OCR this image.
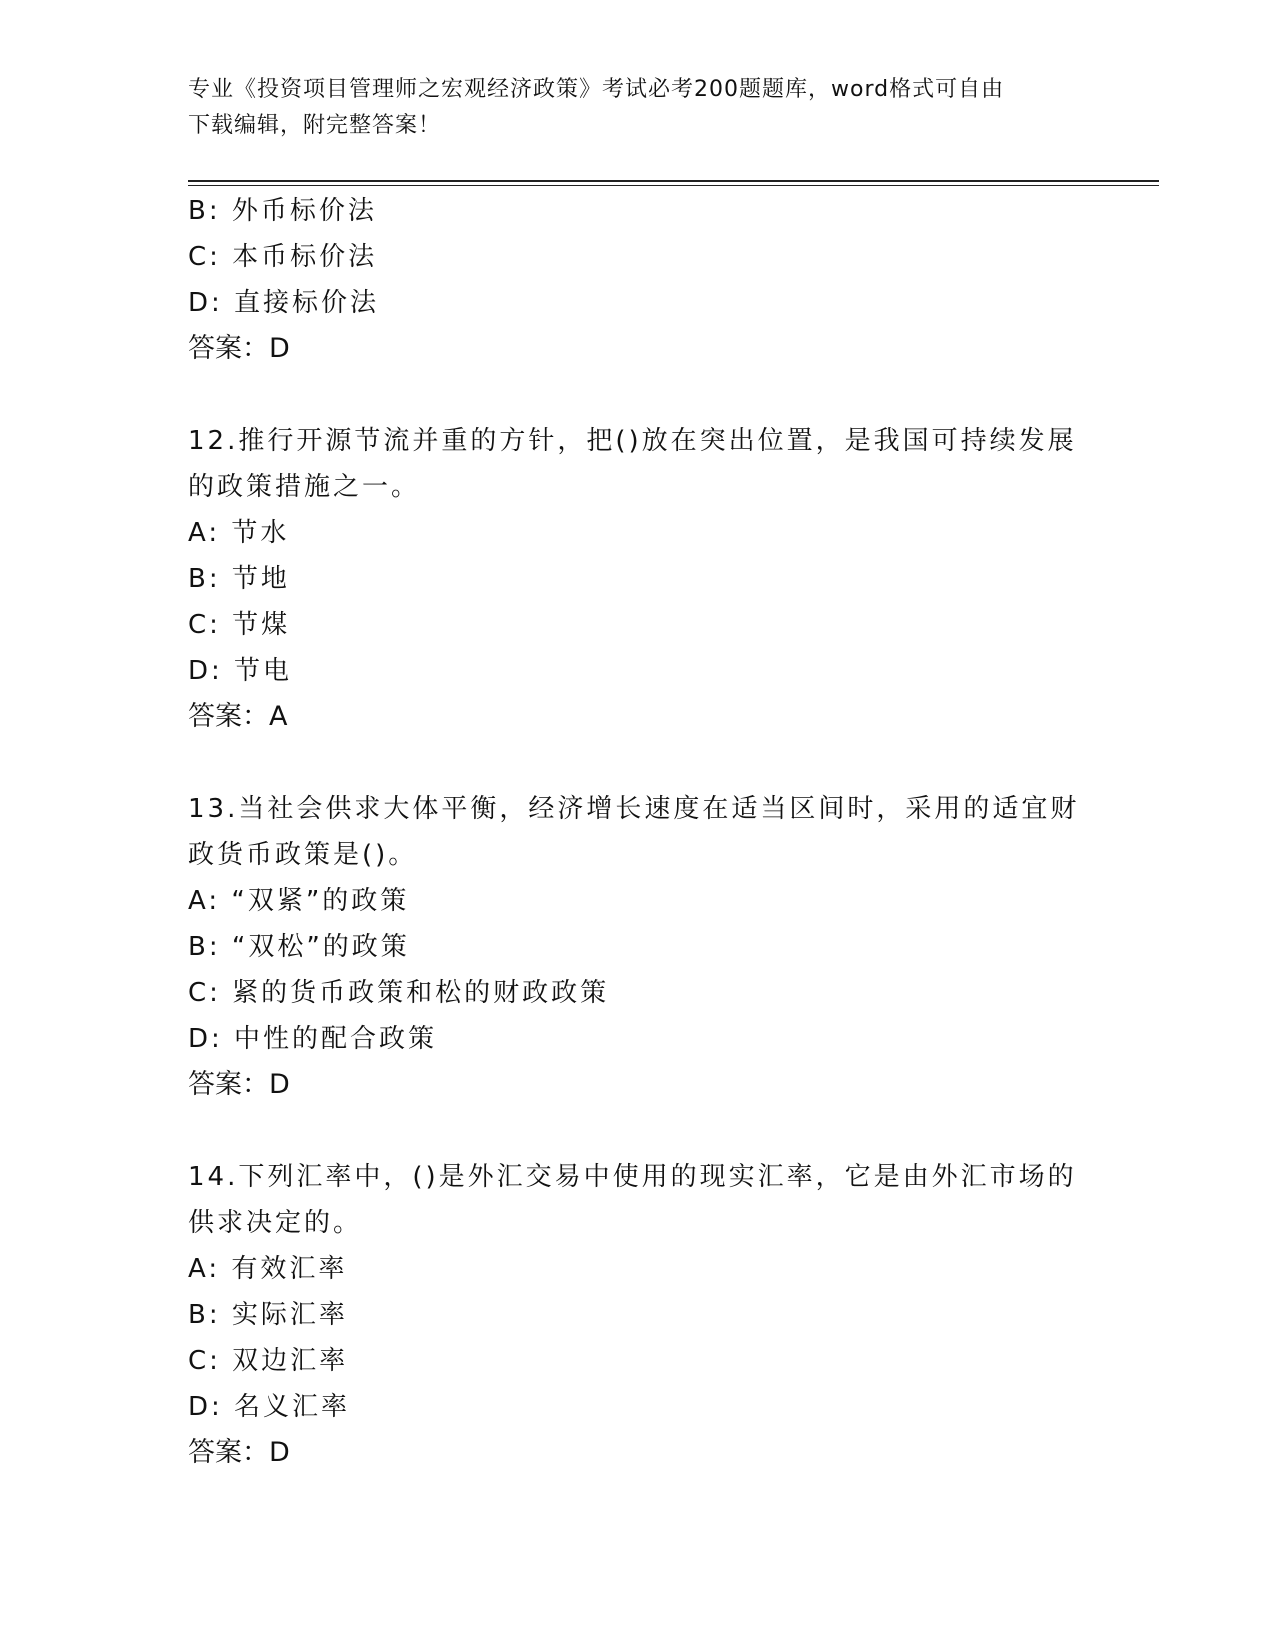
专业《投资项目管理师之宏观经济政策》考试必考200题题库，word格式可自由
下载编辑，附完整答案！
B: 外币标价法
C: 本币标价法
D: 直接标价法
答案：D
12.推行开源节流并重的方针，把()放在突出位置，是我国可持续发展
的政策措施之一。
A: 节水
B: 节地
C: 节煤
D: 节电
答案：A
13.当社会供求大体平衡，经济增长速度在适当区间时，采用的适宜财
政货币政策是()。
A: “双紧”的政策
B: “双松”的政策
C: 紧的货币政策和松的财政政策
D: 中性的配合政策
答案：D
14.下列汇率中，()是外汇交易中使用的现实汇率，它是由外汇市场的
供求决定的。
A: 有效汇率
B: 实际汇率
C: 双边汇率
D: 名义汇率
答案：D
